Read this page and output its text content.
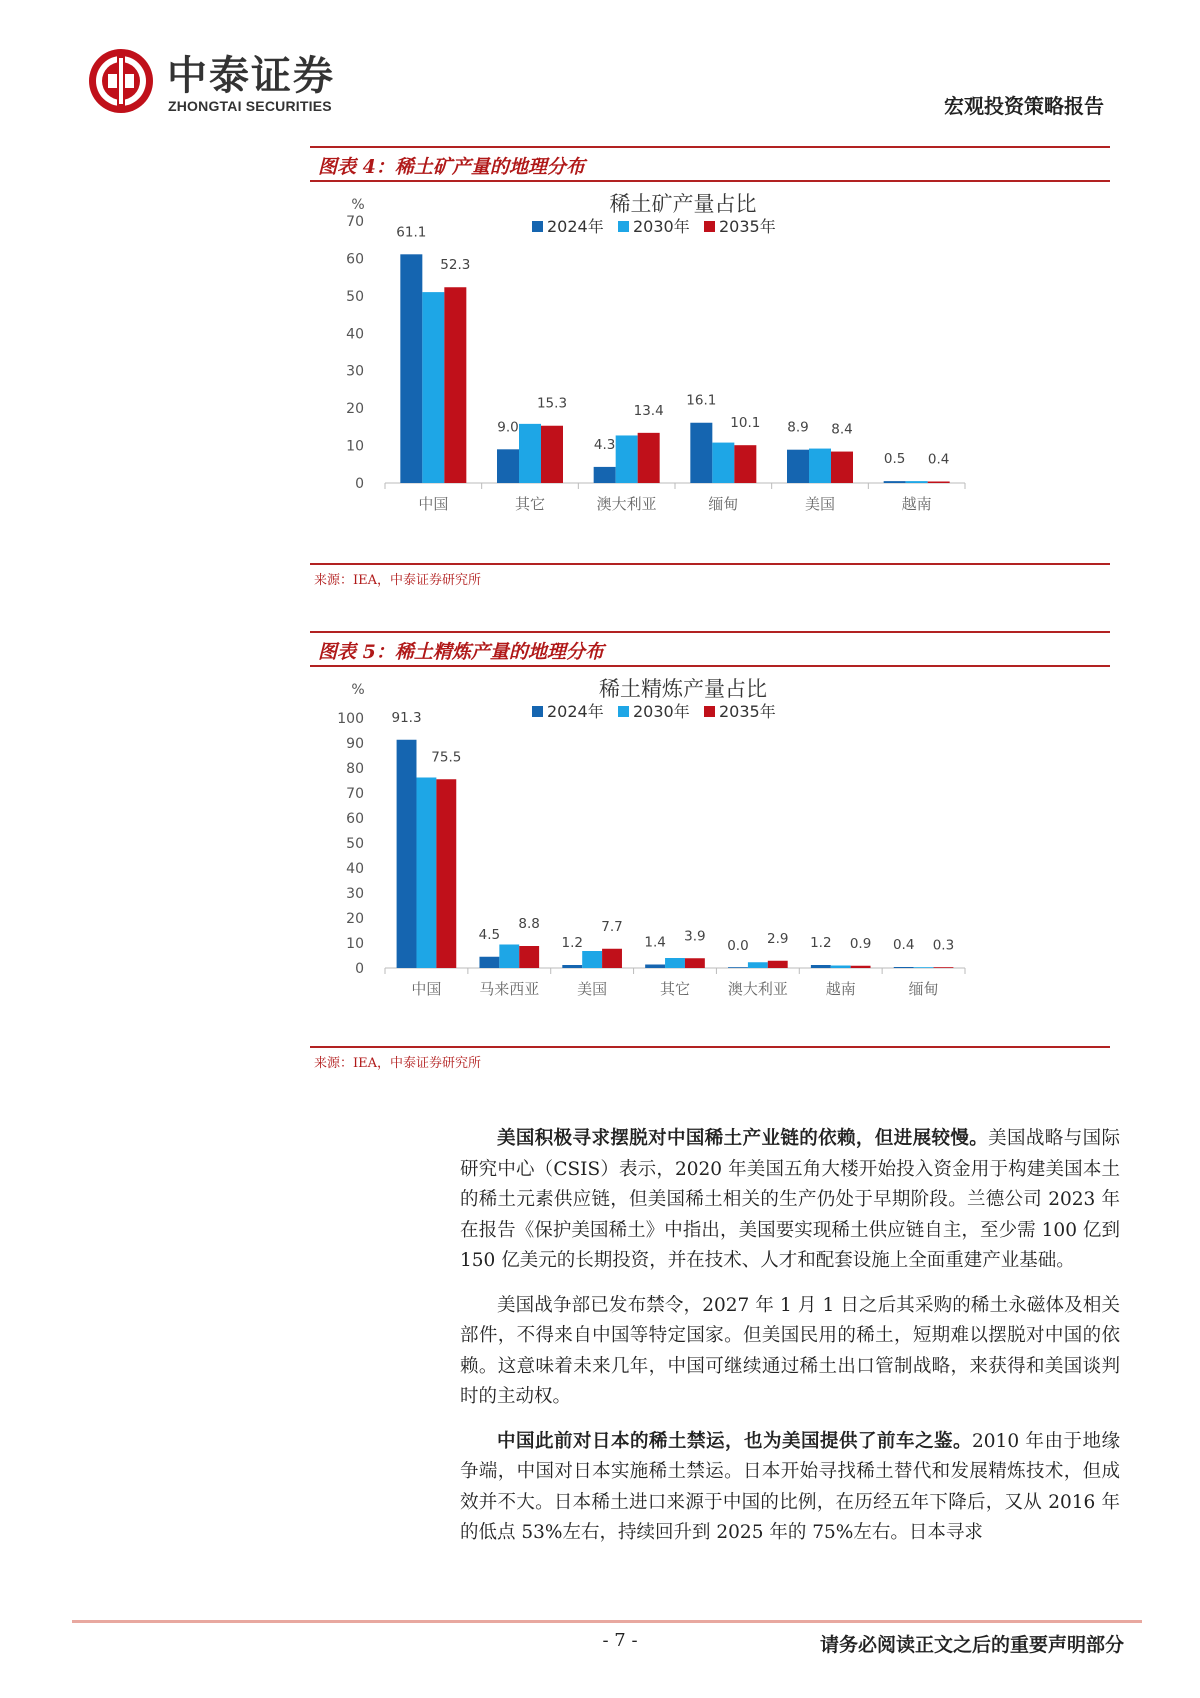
中泰证券
ZHONGTAI SECURITIES	宏观投资策略报告
图表 4：稀土矿产量的地理分布
稀土矿产量占比
%
2024年 2030年 2035年
0
10
20
30
40
50
60
70
中国
61.1
52.3
其它
9.0
15.3
澳大利亚
4.3
13.4
缅甸
16.1
10.1
美国
8.9 8.4
越南
0.5 0.4
来源：IEA，中泰证券研究所
图表 5：稀土精炼产量的地理分布
稀土精炼产量占比
%
2024年 2030年 2035年
0
10
20
30
40
50
60
70
80
90
100
中国
91.3
75.5
马来西亚
4.5
8.8
美国
1.2
7.7
其它
1.4 3.9
澳大利亚
0.0 2.9
越南
1.2 0.9
缅甸
0.4 0.3
来源：IEA，中泰证券研究所

美国积极寻求摆脱对中国稀土产业链的依赖，但进展较慢。美国战略与国际研究中心（CSIS）表示，2020 年美国五角大楼开始投入资金用于构建美国本土的稀土元素供应链，但美国稀土相关的生产仍处于早期阶段。兰德公司 2023 年在报告《保护美国稀土》中指出，美国要实现稀土供应链自主，至少需 100 亿到 150 亿美元的长期投资，并在技术、人才和配套设施上全面重建产业基础。

美国战争部已发布禁令，2027 年 1 月 1 日之后其采购的稀土永磁体及相关部件，不得来自中国等特定国家。但美国民用的稀土，短期难以摆脱对中国的依赖。这意味着未来几年，中国可继续通过稀土出口管制战略，来获得和美国谈判时的主动权。

中国此前对日本的稀土禁运，也为美国提供了前车之鉴。2010 年由于地缘争端，中国对日本实施稀土禁运。日本开始寻找稀土替代和发展精炼技术，但成效并不大。日本稀土进口来源于中国的比例，在历经五年下降后，又从 2016 年的低点 53%左右，持续回升到 2025 年的 75%左右。日本寻求

- 7 -	请务必阅读正文之后的重要声明部分
